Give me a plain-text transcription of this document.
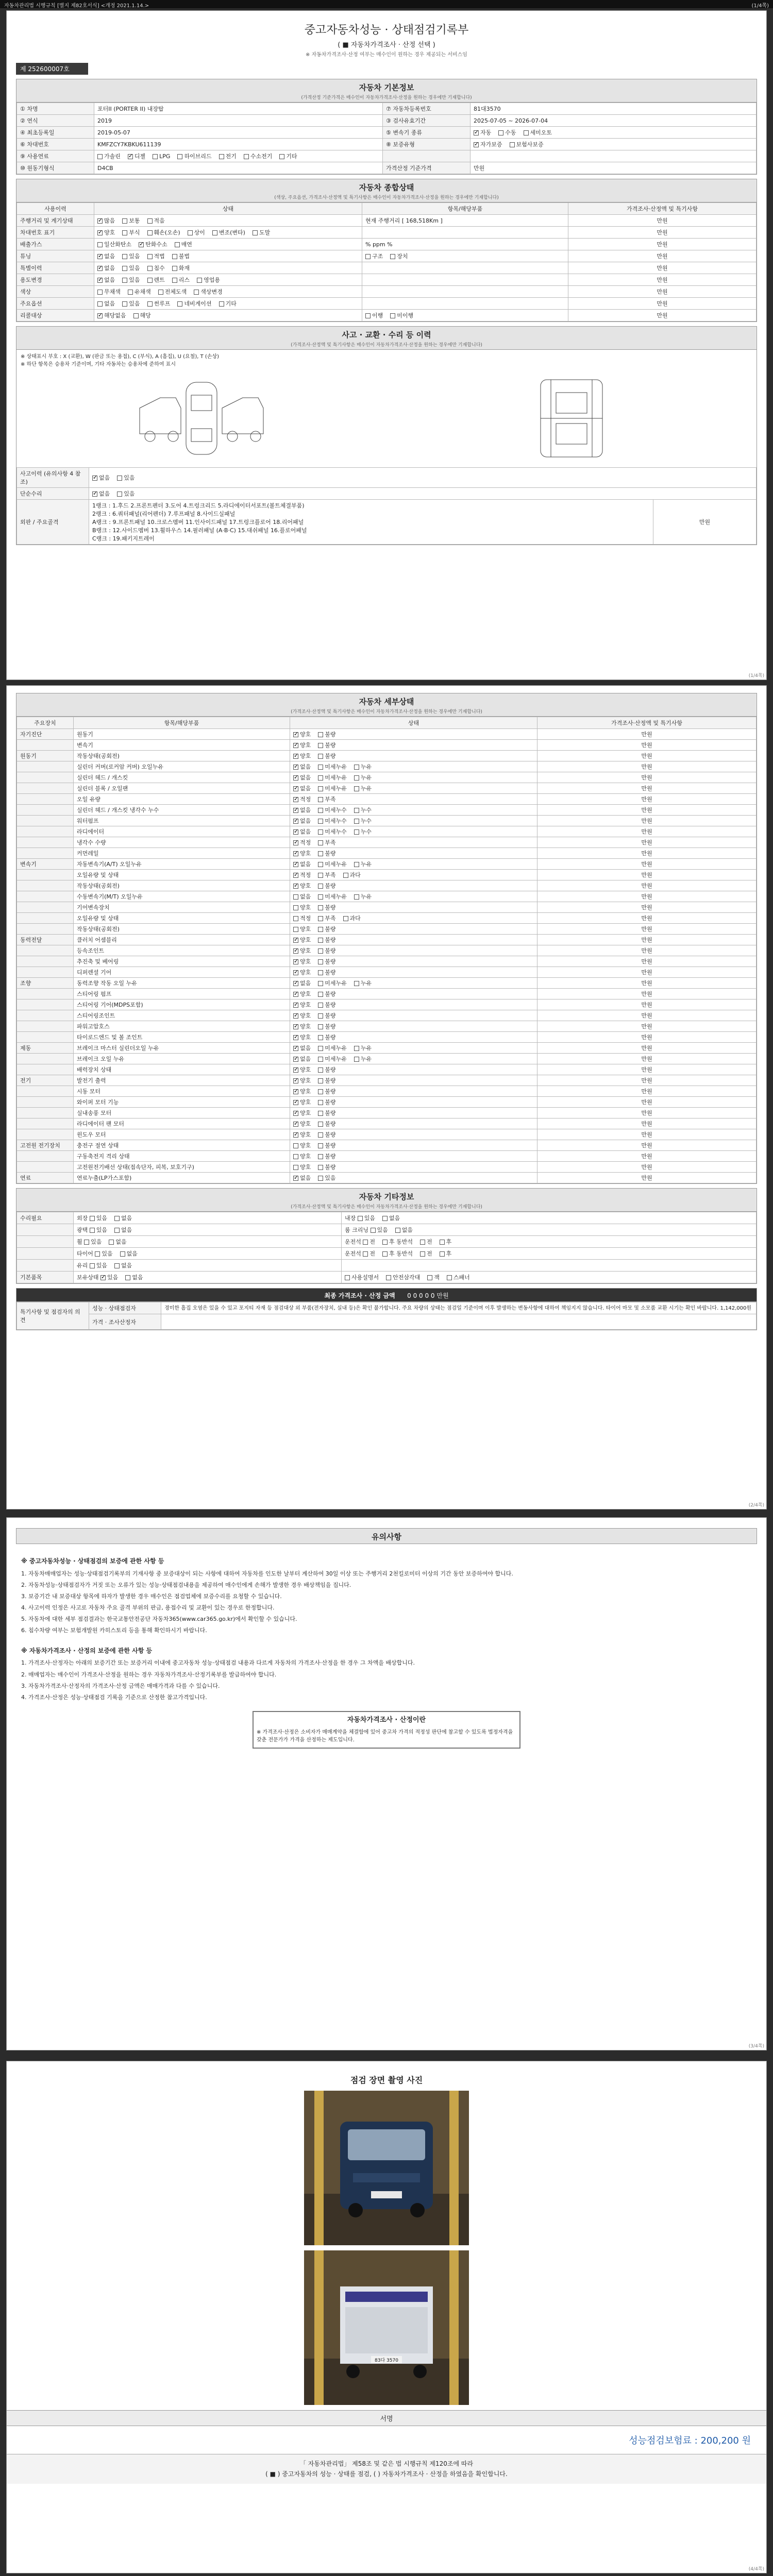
자동차관리법 시행규칙 [별지 제82호서식] <개정 2021.1.14.>	(1/4쪽)
중고자동차성능 · 상태점검기록부
( ■ 자동차가격조사 · 산정 선택 )
※ 자동차가격조사·산정 여부는 매수인이 원하는 경우 제공되는 서비스임
제 252600007호
자동차 기본정보
(가격산정 기준가격은 매수인이 자동차가격조사·산정을 원하는 경우에만 기재합니다)
① 차명	포터II (PORTER II) 내장탑	⑦ 자동차등록번호	81대3570
② 연식	2019	③ 검사유효기간	2025-07-05 ~ 2026-07-04
④ 최초등록일	2019-05-07	⑤ 변속기 종류	✓자동 수동 세미오토
⑥ 차대번호	KMFZCY7KBKU611139	⑧ 보증유형	✓자가보증 보험사보증
⑨ 사용연료	가솔린 ✓ 디젤 LPG 하이브리드 전기 수소전기 기타		
⑩ 원동기형식	D4CB	가격산정 기준가격	만원
자동차 종합상태
(색상, 주요옵션, 가격조사·산정액 및 특기사항은 매수인이 자동차가격조사·산정을 원하는 경우에만 기재합니다)
사용이력	상태	항목/해당부품	가격조사·산정액 및 특기사항
주행거리 및 계기상태	✓많음 보통 적음	현재 주행거리 [ 168,518Km ]	만원
차대번호 표기	✓양호 부식 훼손(오손) 상이 변조(변타) 도말		만원
배출가스	일산화탄소 ✓ 탄화수소 매연	% ppm %	만원
튜닝	✓없음 있음 적법 불법	구조 장치	만원
특별이력	✓없음 있음 침수 화재		만원
용도변경	✓없음 있음 렌트 리스 영업용		만원
색상	무채색 유채색 전체도색 색상변경		만원
주요옵션	없음 있음 썬루프 네비게이션 기타		만원
리콜대상	✓해당없음 해당	이행 미이행	만원
사고 · 교환 · 수리 등 이력
(가격조사·산정액 및 특기사항은 매수인이 자동차가격조사·산정을 원하는 경우에만 기재합니다)
※ 상태표시 부호 : X (교환), W (판금 또는 용접), C (부식), A (흠집), U (요철), T (손상)
※ 하단 항목은 승용차 기준이며, 기타 자동차는 승용차에 준하여 표시
사고이력 (유의사항 4 참조)	✓없음 있음
단순수리	✓없음 있음
외판 / 주요골격	1랭크 : 1.후드 2.프론트펜더 3.도어 4.트렁크리드 5.라디에이터서포트(볼트체결부품)
2랭크 : 6.쿼터패널(리어펜더) 7.루프패널 8.사이드실패널
A랭크 : 9.프론트패널 10.크로스멤버 11.인사이드패널 17.트렁크플로어 18.리어패널
B랭크 : 12.사이드멤버 13.휠하우스 14.필러패널 (A·B·C) 15.대쉬패널 16.플로어패널
C랭크 : 19.패키지트레이	만원
(1/4쪽)
자동차 세부상태
(가격조사·산정액 및 특기사항은 매수인이 자동차가격조사·산정을 원하는 경우에만 기재합니다)
주요장치	항목/해당부품	상태	가격조사·산정액 및 특기사항
자기진단	원동기	✓양호 불량	만원
	변속기	✓양호 불량	만원
원동기	작동상태(공회전)	✓양호 불량	만원
	실린더 커버(로커암 커버) 오일누유	✓없음 미세누유 누유	만원
	실린더 헤드 / 개스킷	✓없음 미세누유 누유	만원
	실린더 블록 / 오일팬	✓없음 미세누유 누유	만원
	오일 유량	✓적정 부족	만원
	실린더 헤드 / 개스킷 냉각수 누수	✓없음 미세누수 누수	만원
	워터펌프	✓없음 미세누수 누수	만원
	라디에이터	✓없음 미세누수 누수	만원
	냉각수 수량	✓적정 부족	만원
	커먼레일	✓양호 불량	만원
변속기	자동변속기(A/T) 오일누유	✓없음 미세누유 누유	만원
	오일유량 및 상태	✓적정 부족 과다	만원
	작동상태(공회전)	✓양호 불량	만원
	수동변속기(M/T) 오일누유	없음 미세누유 누유	만원
	기어변속장치	양호 불량	만원
	오일유량 및 상태	적정 부족 과다	만원
	작동상태(공회전)	양호 불량	만원
동력전달	클러치 어셈블리	✓양호 불량	만원
	등속조인트	✓양호 불량	만원
	추진축 및 베어링	✓양호 불량	만원
	디퍼렌셜 기어	✓양호 불량	만원
조향	동력조향 작동 오일 누유	✓없음 미세누유 누유	만원
	스티어링 펌프	✓양호 불량	만원
	스티어링 기어(MDPS포함)	✓양호 불량	만원
	스티어링조인트	✓양호 불량	만원
	파워고압호스	✓양호 불량	만원
	타이로드엔드 및 볼 조인트	✓양호 불량	만원
제동	브레이크 마스터 실린더오일 누유	✓없음 미세누유 누유	만원
	브레이크 오일 누유	✓없음 미세누유 누유	만원
	배력장치 상태	✓양호 불량	만원
전기	발전기 출력	✓양호 불량	만원
	시동 모터	✓양호 불량	만원
	와이퍼 모터 기능	✓양호 불량	만원
	실내송풍 모터	✓양호 불량	만원
	라디에이터 팬 모터	✓양호 불량	만원
	윈도우 모터	✓양호 불량	만원
고전원 전기장치	충전구 절연 상태	양호 불량	만원
	구동축전지 격리 상태	양호 불량	만원
	고전원전기배선 상태(접속단자, 피복, 보호기구)	양호 불량	만원
연료	연료누출(LP가스포함)	✓없음 있음	만원
자동차 기타정보
(가격조사·산정액 및 특기사항은 매수인이 자동차가격조사·산정을 원하는 경우에만 기재합니다)
수리필요	외장 있음 없음	내장 있음 없음
	광택 있음 없음	룸 크리닝 있음 없음
	휠 있음 없음	운전석 전 후 동반석 전 후
	타이어 있음 없음	운전석 전 후 동반석 전 후
	유리 있음 없음	
기본품목	보유상태 ✓있음 없음	사용설명서 안전삼각대 잭 스패너
최종 가격조사 · 산정 금액 0 0 0 0 0 만원
특기사항 및 점검자의 의견	성능 · 상태점검자	경미한 흠집 오염은 있을 수 있고 포지티 자재 등 점검대상 외 부품(전자장치, 실내 등)은 확인 불가합니다. 주요 차량의 상태는 점검일 기준이며 이후 발생하는 변동사항에 대하여 책임지지 않습니다. 타이어 마모 및 소모품 교환 시기는 확인 바랍니다. 1,142,000원
	가격 · 조사산정자	
(2/4쪽)
유의사항
※ 중고자동차성능 · 상태점검의 보증에 관한 사항 등

1. 자동차매매업자는 성능·상태점검기록부의 기재사항 중 보증대상이 되는 사항에 대하여 자동차를 인도한 날부터 계산하여 30일 이상 또는 주행거리 2천킬로미터 이상의 기간 동안 보증하여야 합니다.

2. 자동차성능·상태점검자가 거짓 또는 오류가 있는 성능·상태점검내용을 제공하여 매수인에게 손해가 발생한 경우 배상책임을 집니다.

3. 보증기간 내 보증대상 항목에 하자가 발생한 경우 매수인은 점검업체에 보증수리를 요청할 수 있습니다.

4. 사고이력 인정은 사고로 자동차 주요 골격 부위의 판금, 용접수리 및 교환이 있는 경우로 한정합니다.

5. 자동차에 대한 세부 점검결과는 한국교통안전공단 자동차365(www.car365.go.kr)에서 확인할 수 있습니다.

6. 침수차량 여부는 보험개발원 카히스토리 등을 통해 확인하시기 바랍니다.

※ 자동차가격조사 · 산정의 보증에 관한 사항 등

1. 가격조사·산정자는 아래의 보증기간 또는 보증거리 이내에 중고자동차 성능·상태점검 내용과 다르게 자동차의 가격조사·산정을 한 경우 그 차액을 배상합니다.

2. 매매업자는 매수인이 가격조사·산정을 원하는 경우 자동차가격조사·산정기록부를 발급하여야 합니다.

3. 자동차가격조사·산정자의 가격조사·산정 금액은 매매가격과 다를 수 있습니다.

4. 가격조사·산정은 성능·상태점검 기록을 기준으로 산정한 참고가격입니다.

자동차가격조사 · 산정이란
※ 가격조사·산정은 소비자가 매매계약을 체결함에 있어 중고차 가격의 적정성 판단에 참고할 수 있도록 법정자격을 갖춘 전문가가 가격을 산정하는 제도입니다.
(3/4쪽)
점검 장면 촬영 사진
83다 3570
서명
성능점검보험료 : 200,200 원
「 자동차관리법」 제58조 및 같은 법 시행규칙 제120조에 따라
( ■ ) 중고자동차의 성능 · 상태를 점검, ( ) 자동차가격조사 · 산정을 하였음을 확인합니다.
(4/4쪽)
